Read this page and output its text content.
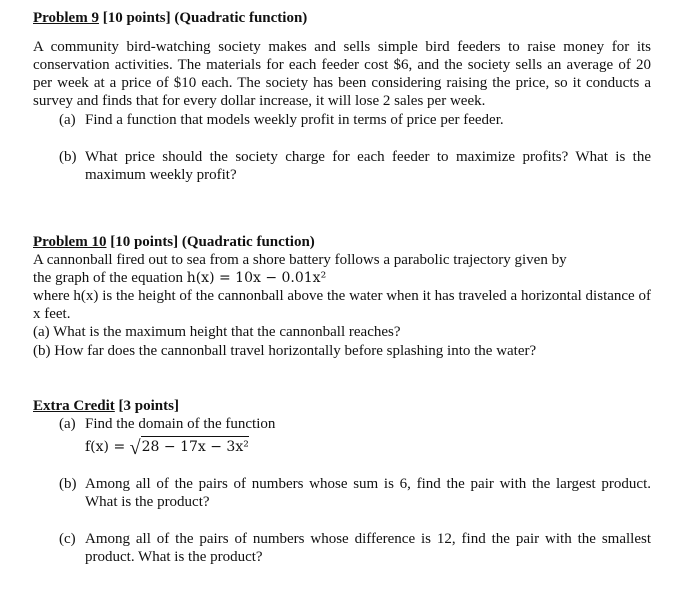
Problem 9 [10 points] (Quadratic function)
A community bird-watching society makes and sells simple bird feeders to raise money for its conservation activities. The materials for each feeder cost $6, and the society sells an average of 20 per week at a price of $10 each. The society has been considering raising the price, so it conducts a survey and finds that for every dollar increase, it will lose 2 sales per week.
(a) Find a function that models weekly profit in terms of price per feeder.
(b) What price should the society charge for each feeder to maximize profits? What is the maximum weekly profit?
Problem 10 [10 points] (Quadratic function)
A cannonball fired out to sea from a shore battery follows a parabolic trajectory given by
the graph of the equation h(x) = 10x − 0.01x²
where h(x) is the height of the cannonball above the water when it has traveled a horizontal distance of x feet.
(a) What is the maximum height that the cannonball reaches?
(b) How far does the cannonball travel horizontally before splashing into the water?
Extra Credit [3 points]
(a) Find the domain of the function
f(x) = √ 28 − 17x − 3x²
(b) Among all of the pairs of numbers whose sum is 6, find the pair with the largest product. What is the product?
(c) Among all of the pairs of numbers whose difference is 12, find the pair with the smallest product. What is the product?
